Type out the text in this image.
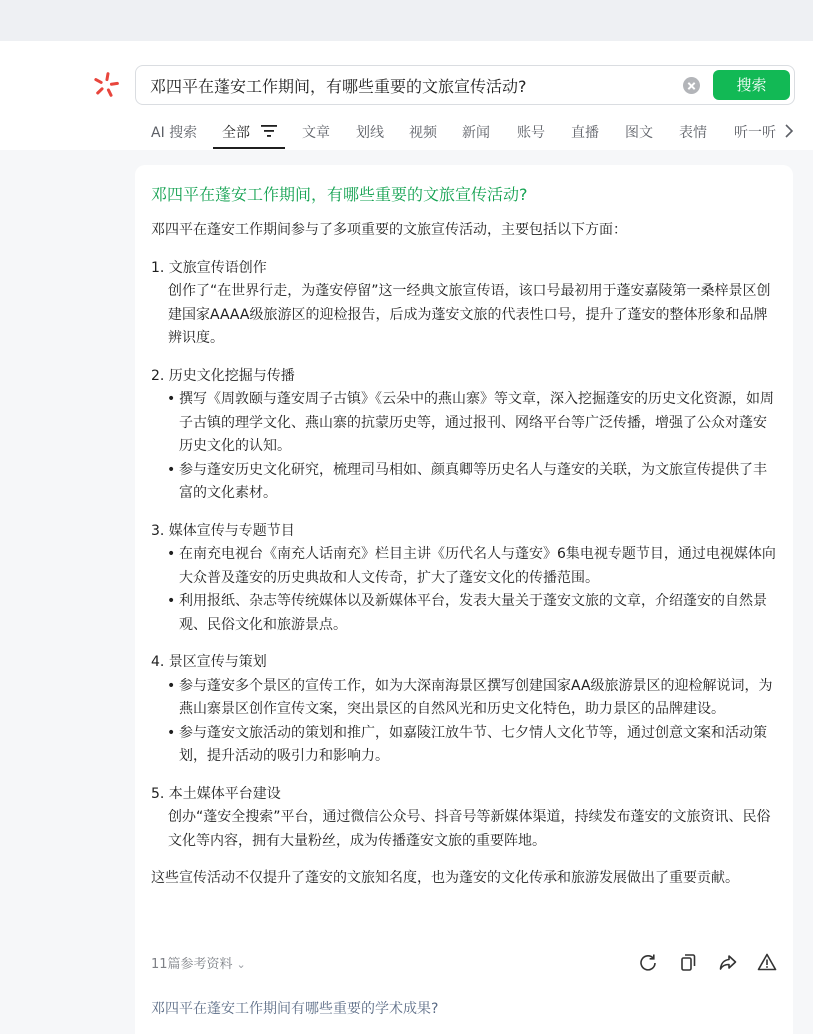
邓四平在蓬安工作期间，有哪些重要的文旅宣传活动?
搜索
AI 搜索 全部	文章 划线 视频 新闻 账号 直播 图文 表情 听一听
邓四平在蓬安工作期间，有哪些重要的文旅宣传活动?

邓四平在蓬安工作期间参与了多项重要的文旅宣传活动，主要包括以下方面：

1. 文旅宣传语创作

创作了“在世界行走，为蓬安停留”这一经典文旅宣传语，该口号最初用于蓬安嘉陵第一桑梓景区创建国家AAAA级旅游区的迎检报告，后成为蓬安文旅的代表性口号，提升了蓬安的整体形象和品牌辨识度。

2. 历史文化挖掘与传播

• 撰写《周敦颐与蓬安周子古镇》《云朵中的燕山寨》等文章，深入挖掘蓬安的历史文化资源，如周子古镇的理学文化、燕山寨的抗蒙历史等，通过报刊、网络平台等广泛传播，增强了公众对蓬安历史文化的认知。
• 参与蓬安历史文化研究，梳理司马相如、颜真卿等历史名人与蓬安的关联，为文旅宣传提供了丰富的文化素材。

3. 媒体宣传与专题节目

• 在南充电视台《南充人话南充》栏目主讲《历代名人与蓬安》6集电视专题节目，通过电视媒体向大众普及蓬安的历史典故和人文传奇，扩大了蓬安文化的传播范围。
• 利用报纸、杂志等传统媒体以及新媒体平台，发表大量关于蓬安文旅的文章，介绍蓬安的自然景观、民俗文化和旅游景点。

4. 景区宣传与策划

• 参与蓬安多个景区的宣传工作，如为大深南海景区撰写创建国家AA级旅游景区的迎检解说词，为燕山寨景区创作宣传文案，突出景区的自然风光和历史文化特色，助力景区的品牌建设。
• 参与蓬安文旅活动的策划和推广，如嘉陵江放牛节、七夕情人文化节等，通过创意文案和活动策划，提升活动的吸引力和影响力。

5. 本土媒体平台建设

创办“蓬安全搜索”平台，通过微信公众号、抖音号等新媒体渠道，持续发布蓬安的文旅资讯、民俗文化等内容，拥有大量粉丝，成为传播蓬安文旅的重要阵地。

这些宣传活动不仅提升了蓬安的文旅知名度，也为蓬安的文化传承和旅游发展做出了重要贡献。

11篇参考资料 ⌄
邓四平在蓬安工作期间有哪些重要的学术成果?
